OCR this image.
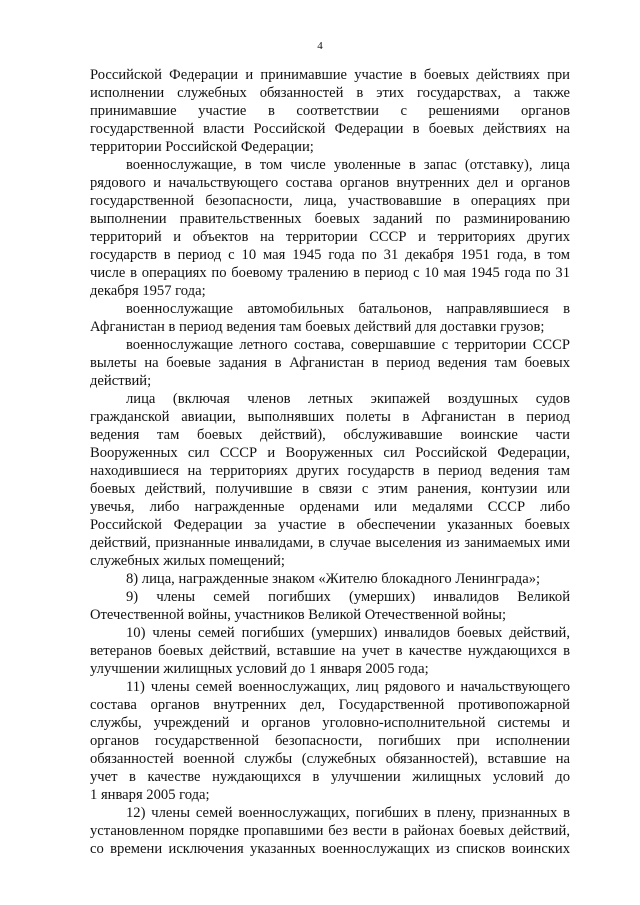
4
Российской Федерации и принимавшие участие в боевых действиях при
исполнении служебных обязанностей в этих государствах, а также
принимавшие участие в соответствии с решениями органов
государственной власти Российской Федерации в боевых действиях на
территории Российской Федерации;
военнослужащие, в том числе уволенные в запас (отставку), лица
рядового и начальствующего состава органов внутренних дел и органов
государственной безопасности, лица, участвовавшие в операциях при
выполнении правительственных боевых заданий по разминированию
территорий и объектов на территории СССР и территориях других
государств в период с 10 мая 1945 года по 31 декабря 1951 года, в том
числе в операциях по боевому тралению в период с 10 мая 1945 года по 31
декабря 1957 года;
военнослужащие автомобильных батальонов, направлявшиеся в
Афганистан в период ведения там боевых действий для доставки грузов;
военнослужащие летного состава, совершавшие с территории СССР
вылеты на боевые задания в Афганистан в период ведения там боевых
действий;
лица (включая членов летных экипажей воздушных судов
гражданской авиации, выполнявших полеты в Афганистан в период
ведения там боевых действий), обслуживавшие воинские части
Вооруженных сил СССР и Вооруженных сил Российской Федерации,
находившиеся на территориях других государств в период ведения там
боевых действий, получившие в связи с этим ранения, контузии или
увечья, либо награжденные орденами или медалями СССР либо
Российской Федерации за участие в обеспечении указанных боевых
действий, признанные инвалидами, в случае выселения из занимаемых ими
служебных жилых помещений;
8) лица, награжденные знаком «Жителю блокадного Ленинграда»;
9) члены семей погибших (умерших) инвалидов Великой
Отечественной войны, участников Великой Отечественной войны;
10) члены семей погибших (умерших) инвалидов боевых действий,
ветеранов боевых действий, вставшие на учет в качестве нуждающихся в
улучшении жилищных условий до 1 января 2005 года;
11) члены семей военнослужащих, лиц рядового и начальствующего
состава органов внутренних дел, Государственной противопожарной
службы, учреждений и органов уголовно-исполнительной системы и
органов государственной безопасности, погибших при исполнении
обязанностей военной службы (служебных обязанностей), вставшие на
учет в качестве нуждающихся в улучшении жилищных условий до
1 января 2005 года;
12) члены семей военнослужащих, погибших в плену, признанных в
установленном порядке пропавшими без вести в районах боевых действий,
со времени исключения указанных военнослужащих из списков воинских
